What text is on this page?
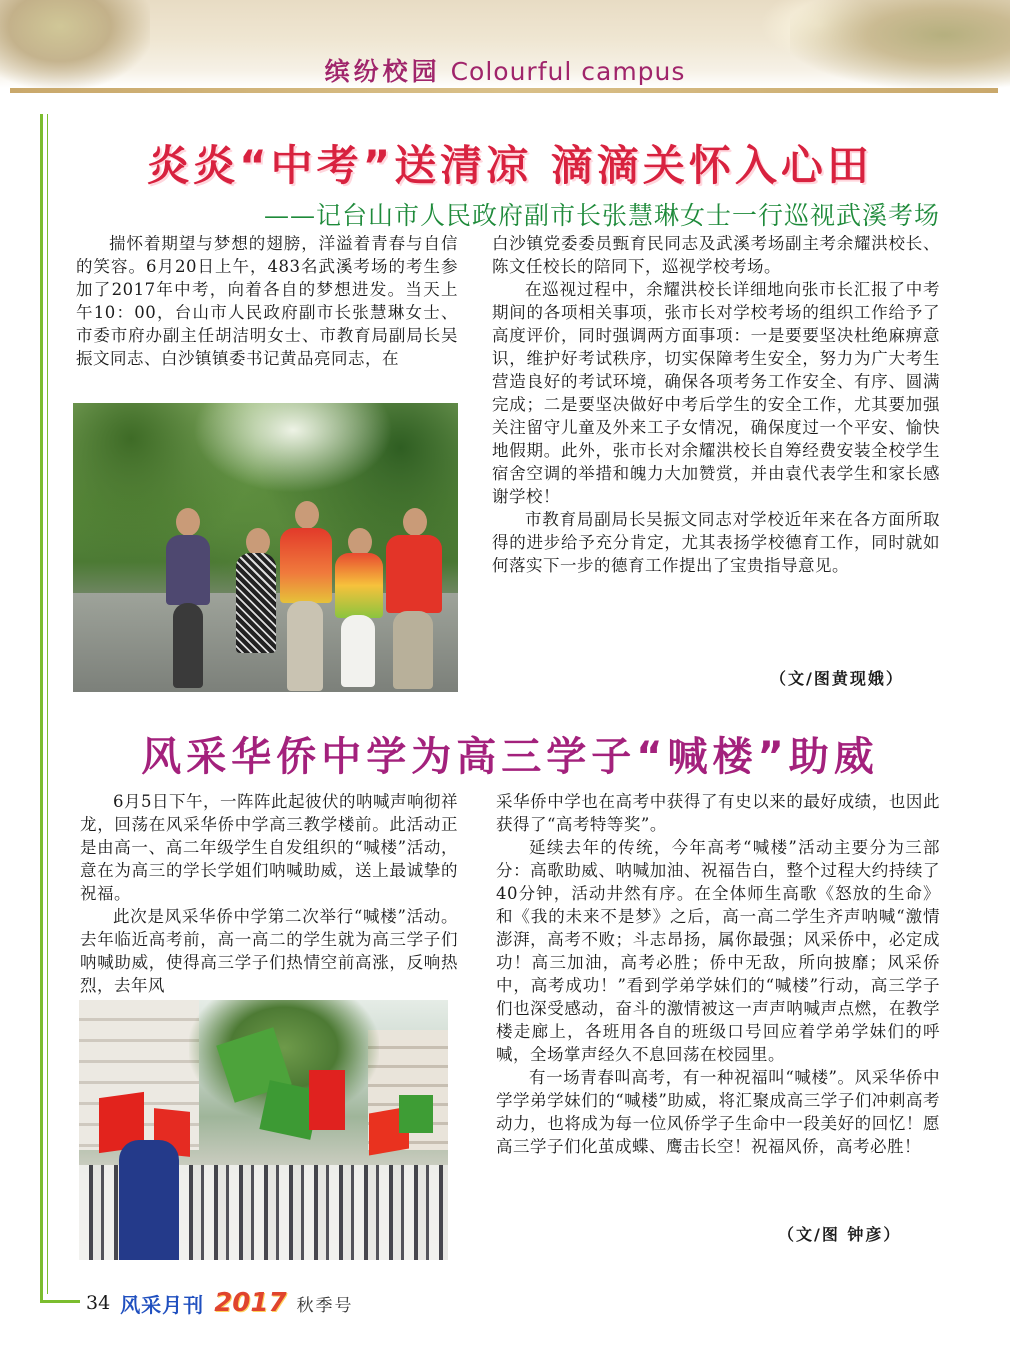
缤纷校园 Colourful campus
炎炎“中考”送清凉 滴滴关怀入心田
——记台山市人民政府副市长张慧琳女士一行巡视武溪考场

揣怀着期望与梦想的翅膀，洋溢着青春与自信的笑容。6月20日上午，483名武溪考场的考生参加了2017年中考，向着各自的梦想进发。当天上午10：00，台山市人民政府副市长张慧琳女士、市委市府办副主任胡洁明女士、市教育局副局长吴振文同志、白沙镇镇委书记黄品亮同志，在

白沙镇党委委员甄育民同志及武溪考场副主考余耀洪校长、陈文任校长的陪同下，巡视学校考场。

在巡视过程中，余耀洪校长详细地向张市长汇报了中考期间的各项相关事项，张市长对学校考场的组织工作给予了高度评价，同时强调两方面事项：一是要要坚决杜绝麻痹意识，维护好考试秩序，切实保障考生安全，努力为广大考生营造良好的考试环境，确保各项考务工作安全、有序、圆满完成；二是要坚决做好中考后学生的安全工作，尤其要加强关注留守儿童及外来工子女情况，确保度过一个平安、愉快地假期。此外，张市长对余耀洪校长自筹经费安装全校学生宿舍空调的举措和魄力大加赞赏，并由袁代表学生和家长感谢学校！

市教育局副局长吴振文同志对学校近年来在各方面所取得的进步给予充分肯定，尤其表扬学校德育工作，同时就如何落实下一步的德育工作提出了宝贵指导意见。

（文/图黄现娥）
风采华侨中学为高三学子“喊楼”助威

6月5日下午，一阵阵此起彼伏的呐喊声响彻祥龙，回荡在风采华侨中学高三教学楼前。此活动正是由高一、高二年级学生自发组织的“喊楼”活动，意在为高三的学长学姐们呐喊助威，送上最诚挚的祝福。

此次是风采华侨中学第二次举行“喊楼”活动。去年临近高考前，高一高二的学生就为高三学子们呐喊助威，使得高三学子们热情空前高涨，反响热烈，去年风

采华侨中学也在高考中获得了有史以来的最好成绩，也因此获得了“高考特等奖”。

延续去年的传统，今年高考“喊楼”活动主要分为三部分：高歌助威、呐喊加油、祝福告白，整个过程大约持续了40分钟，活动井然有序。在全体师生高歌《怒放的生命》和《我的未来不是梦》之后，高一高二学生齐声呐喊“激情澎湃，高考不败；斗志昂扬，属你最强；风采侨中，必定成功！高三加油，高考必胜；侨中无敌，所向披靡；风采侨中，高考成功！”看到学弟学妹们的“喊楼”行动，高三学子们也深受感动，奋斗的激情被这一声声呐喊声点燃，在教学楼走廊上，各班用各自的班级口号回应着学弟学妹们的呼喊，全场掌声经久不息回荡在校园里。

有一场青春叫高考，有一种祝福叫“喊楼”。风采华侨中学学弟学妹们的“喊楼”助威，将汇聚成高三学子们冲刺高考动力，也将成为每一位风侨学子生命中一段美好的回忆！愿高三学子们化茧成蝶、鹰击长空！祝福风侨，高考必胜！

（文/图 钟彦）
34 风采月刊 2017 秋季号
